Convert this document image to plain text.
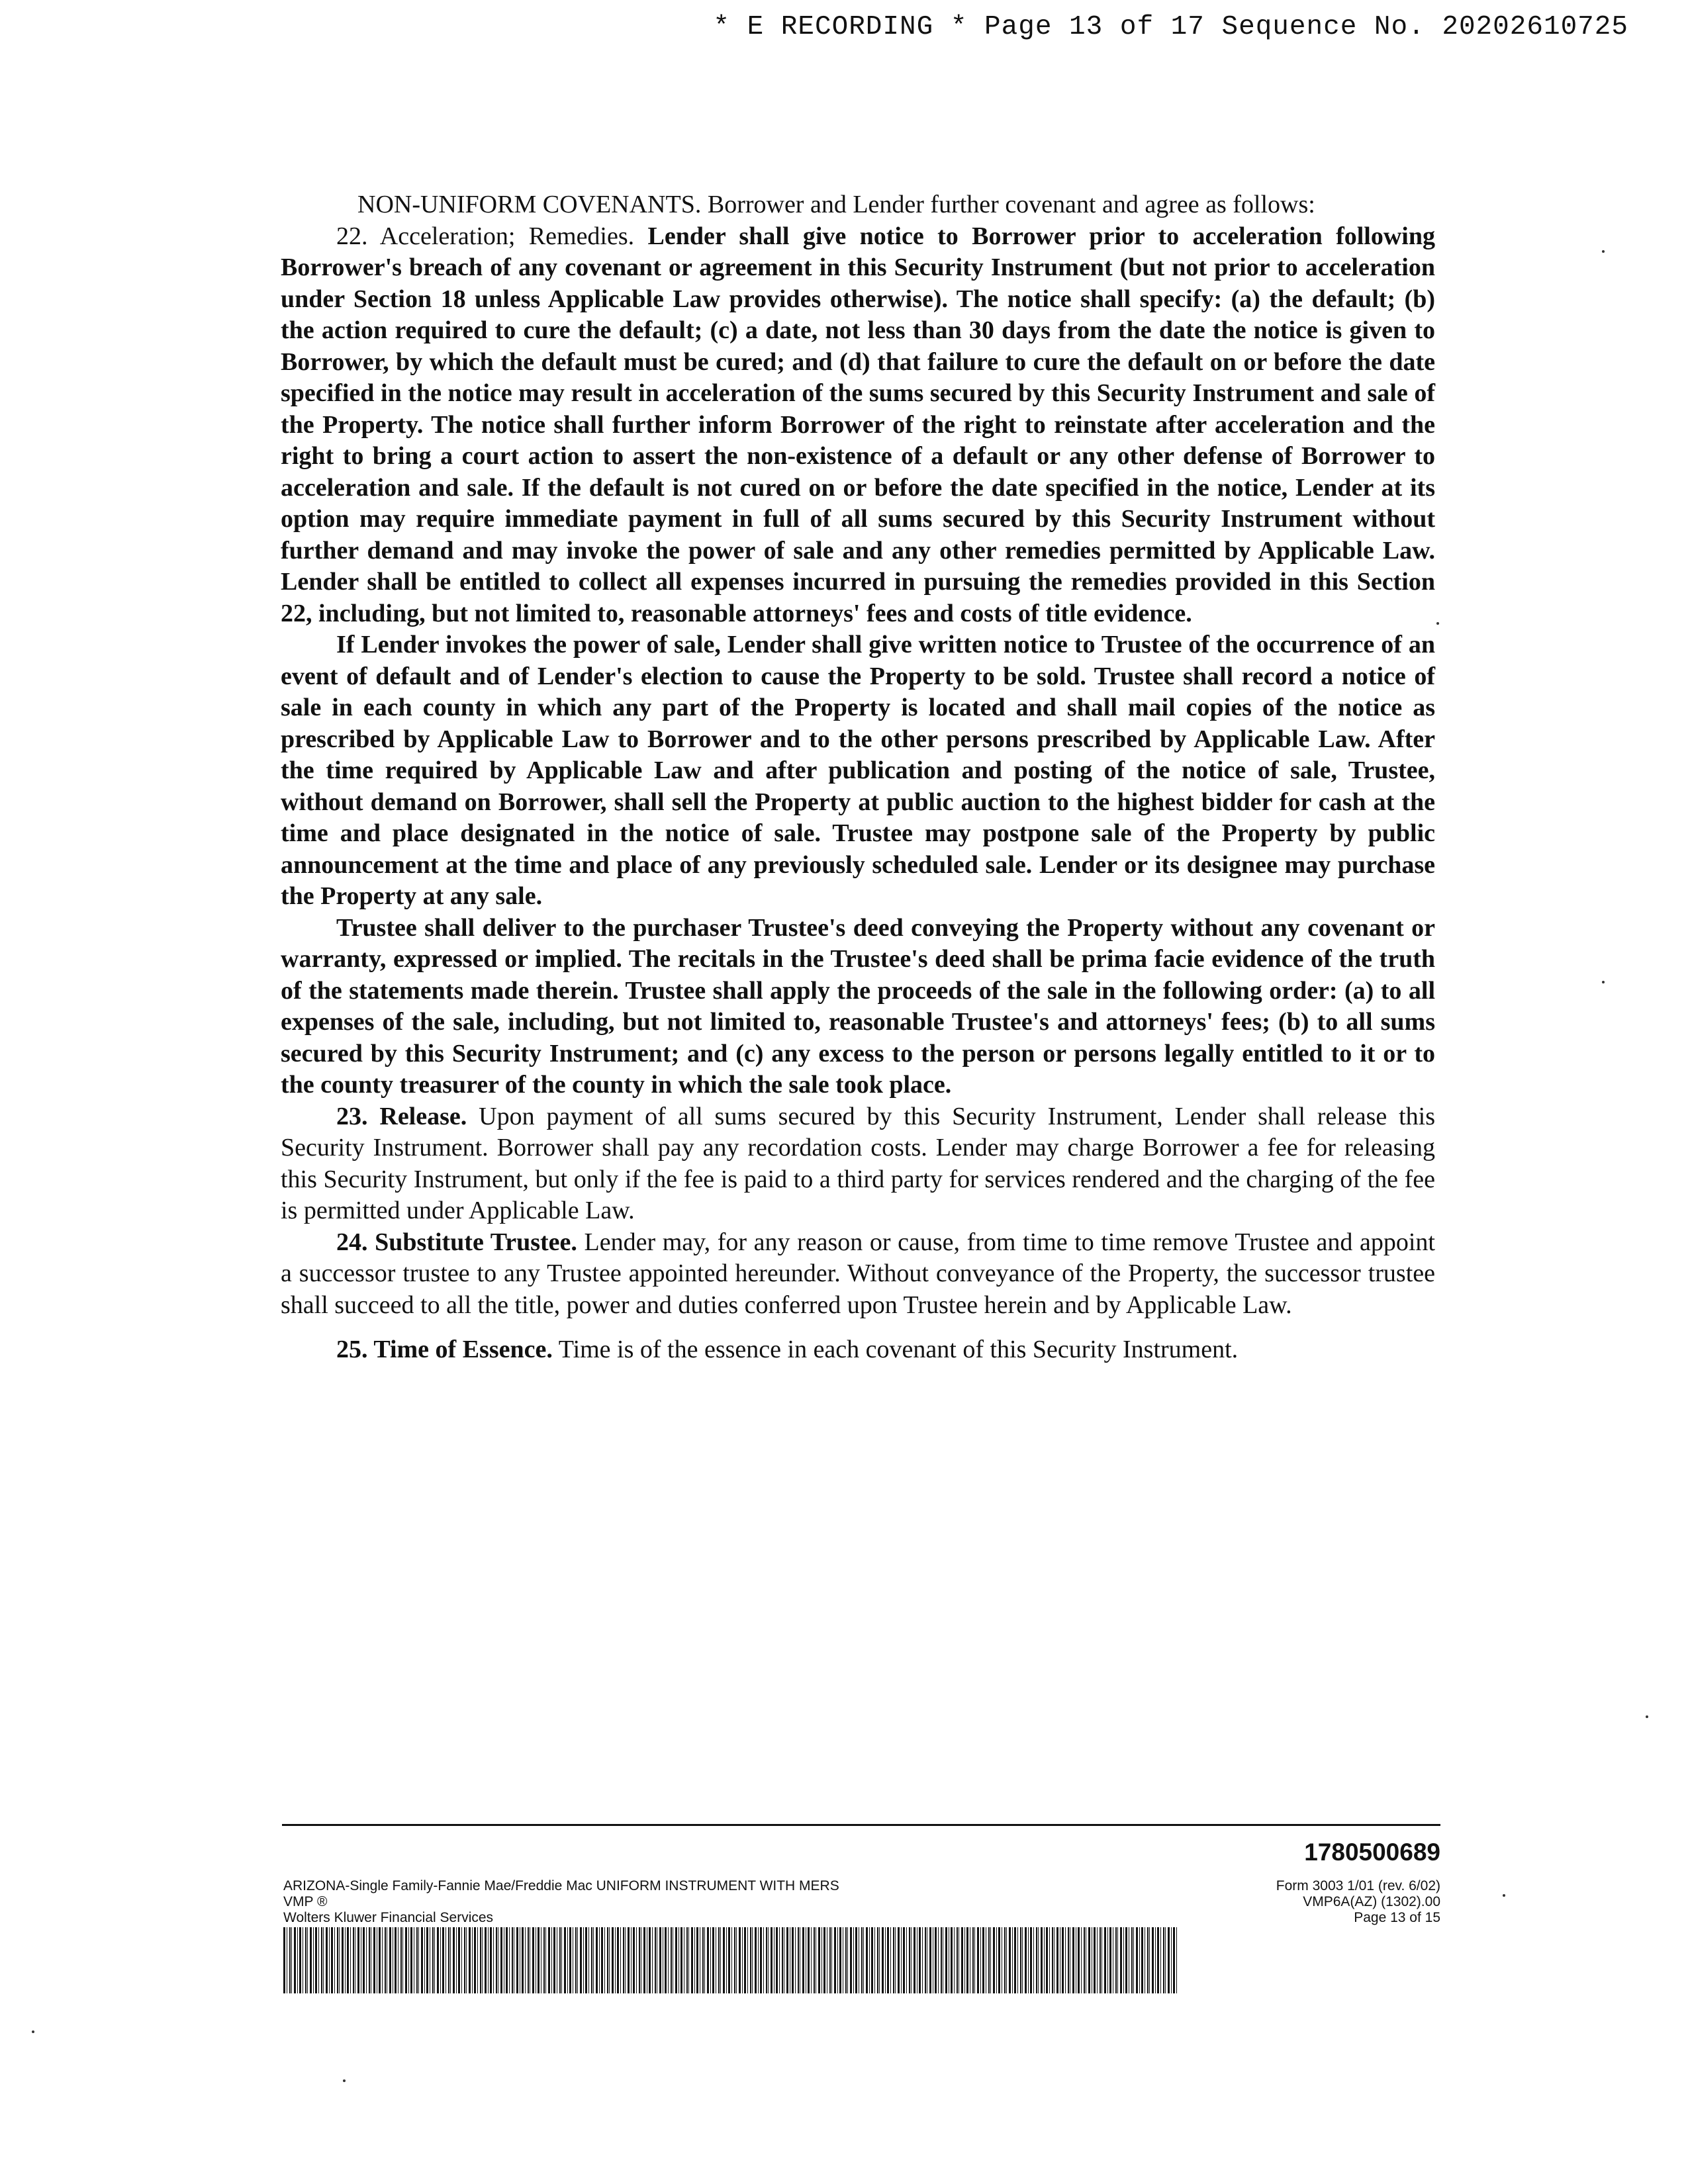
* E RECORDING * Page 13 of 17 Sequence No. 20202610725

NON-UNIFORM COVENANTS. Borrower and Lender further covenant and agree as follows:

22. Acceleration; Remedies. Lender shall give notice to Borrower prior to acceleration following Borrower's breach of any covenant or agreement in this Security Instrument (but not prior to acceleration under Section 18 unless Applicable Law provides otherwise). The notice shall specify: (a) the default; (b) the action required to cure the default; (c) a date, not less than 30 days from the date the notice is given to Borrower, by which the default must be cured; and (d) that failure to cure the default on or before the date specified in the notice may result in acceleration of the sums secured by this Security Instrument and sale of the Property. The notice shall further inform Borrower of the right to reinstate after acceleration and the right to bring a court action to assert the non-existence of a default or any other defense of Borrower to acceleration and sale. If the default is not cured on or before the date specified in the notice, Lender at its option may require immediate payment in full of all sums secured by this Security Instrument without further demand and may invoke the power of sale and any other remedies permitted by Applicable Law. Lender shall be entitled to collect all expenses incurred in pursuing the remedies provided in this Section 22, including, but not limited to, reasonable attorneys' fees and costs of title evidence.

If Lender invokes the power of sale, Lender shall give written notice to Trustee of the occurrence of an event of default and of Lender's election to cause the Property to be sold. Trustee shall record a notice of sale in each county in which any part of the Property is located and shall mail copies of the notice as prescribed by Applicable Law to Borrower and to the other persons prescribed by Applicable Law. After the time required by Applicable Law and after publication and posting of the notice of sale, Trustee, without demand on Borrower, shall sell the Property at public auction to the highest bidder for cash at the time and place designated in the notice of sale. Trustee may postpone sale of the Property by public announcement at the time and place of any previously scheduled sale. Lender or its designee may purchase the Property at any sale.

Trustee shall deliver to the purchaser Trustee's deed conveying the Property without any covenant or warranty, expressed or implied. The recitals in the Trustee's deed shall be prima facie evidence of the truth of the statements made therein. Trustee shall apply the proceeds of the sale in the following order: (a) to all expenses of the sale, including, but not limited to, reasonable Trustee's and attorneys' fees; (b) to all sums secured by this Security Instrument; and (c) any excess to the person or persons legally entitled to it or to the county treasurer of the county in which the sale took place.

23. Release. Upon payment of all sums secured by this Security Instrument, Lender shall release this Security Instrument. Borrower shall pay any recordation costs. Lender may charge Borrower a fee for releasing this Security Instrument, but only if the fee is paid to a third party for services rendered and the charging of the fee is permitted under Applicable Law.

24. Substitute Trustee. Lender may, for any reason or cause, from time to time remove Trustee and appoint a successor trustee to any Trustee appointed hereunder. Without conveyance of the Property, the successor trustee shall succeed to all the title, power and duties conferred upon Trustee herein and by Applicable Law.

25. Time of Essence. Time is of the essence in each covenant of this Security Instrument.

1780500689
ARIZONA-Single Family-Fannie Mae/Freddie Mac UNIFORM INSTRUMENT WITH MERS
VMP ®
Wolters Kluwer Financial Services
Form 3003 1/01 (rev. 6/02)
VMP6A(AZ) (1302).00
Page 13 of 15
